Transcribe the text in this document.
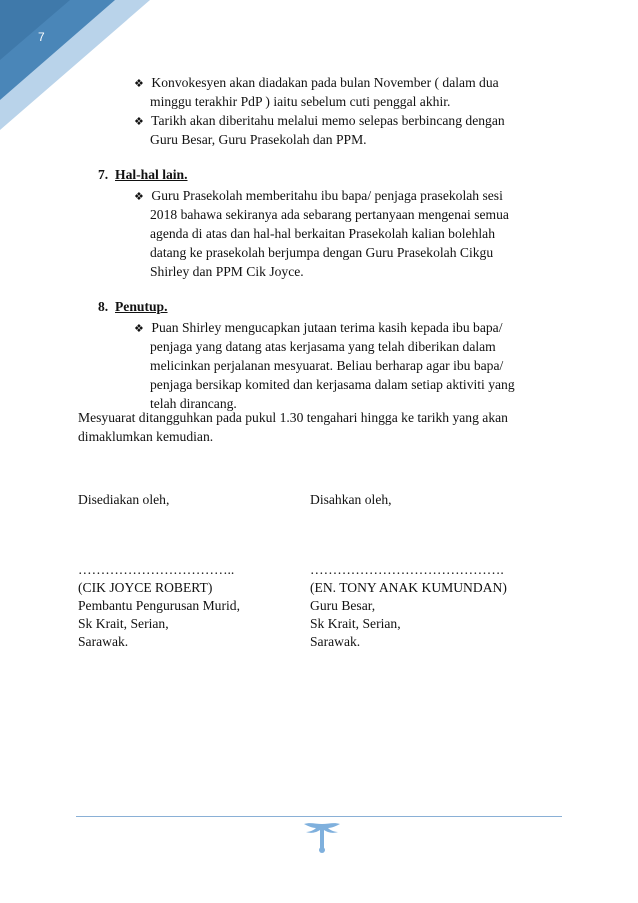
7
❖ Konvokesyen akan diadakan pada bulan November ( dalam dua
minggu terakhir PdP ) iaitu sebelum cuti penggal akhir.
❖ Tarikh akan diberitahu melalui memo selepas berbincang dengan
Guru Besar, Guru Prasekolah dan PPM.
7. Hal-hal lain.
❖ Guru Prasekolah memberitahu ibu bapa/ penjaga prasekolah sesi
2018 bahawa sekiranya ada sebarang pertanyaan mengenai semua
agenda di atas dan hal-hal berkaitan Prasekolah kalian bolehlah
datang ke prasekolah berjumpa dengan Guru Prasekolah Cikgu
Shirley dan PPM Cik Joyce.
8. Penutup.
❖ Puan Shirley mengucapkan jutaan terima kasih kepada ibu bapa/
penjaga yang datang atas kerjasama yang telah diberikan dalam
melicinkan perjalanan mesyuarat. Beliau berharap agar ibu bapa/
penjaga bersikap komited dan kerjasama dalam setiap aktiviti yang
telah dirancang.
Mesyuarat ditangguhkan pada pukul 1.30 tengahari hingga ke tarikh yang akan
dimaklumkan kemudian.
Disediakan oleh,	Disahkan oleh,
……………………………..
(CIK JOYCE ROBERT)
Pembantu Pengurusan Murid,
Sk Krait, Serian,
Sarawak.
…………………………………….
(EN. TONY ANAK KUMUNDAN)
Guru Besar,
Sk Krait, Serian,
Sarawak.
